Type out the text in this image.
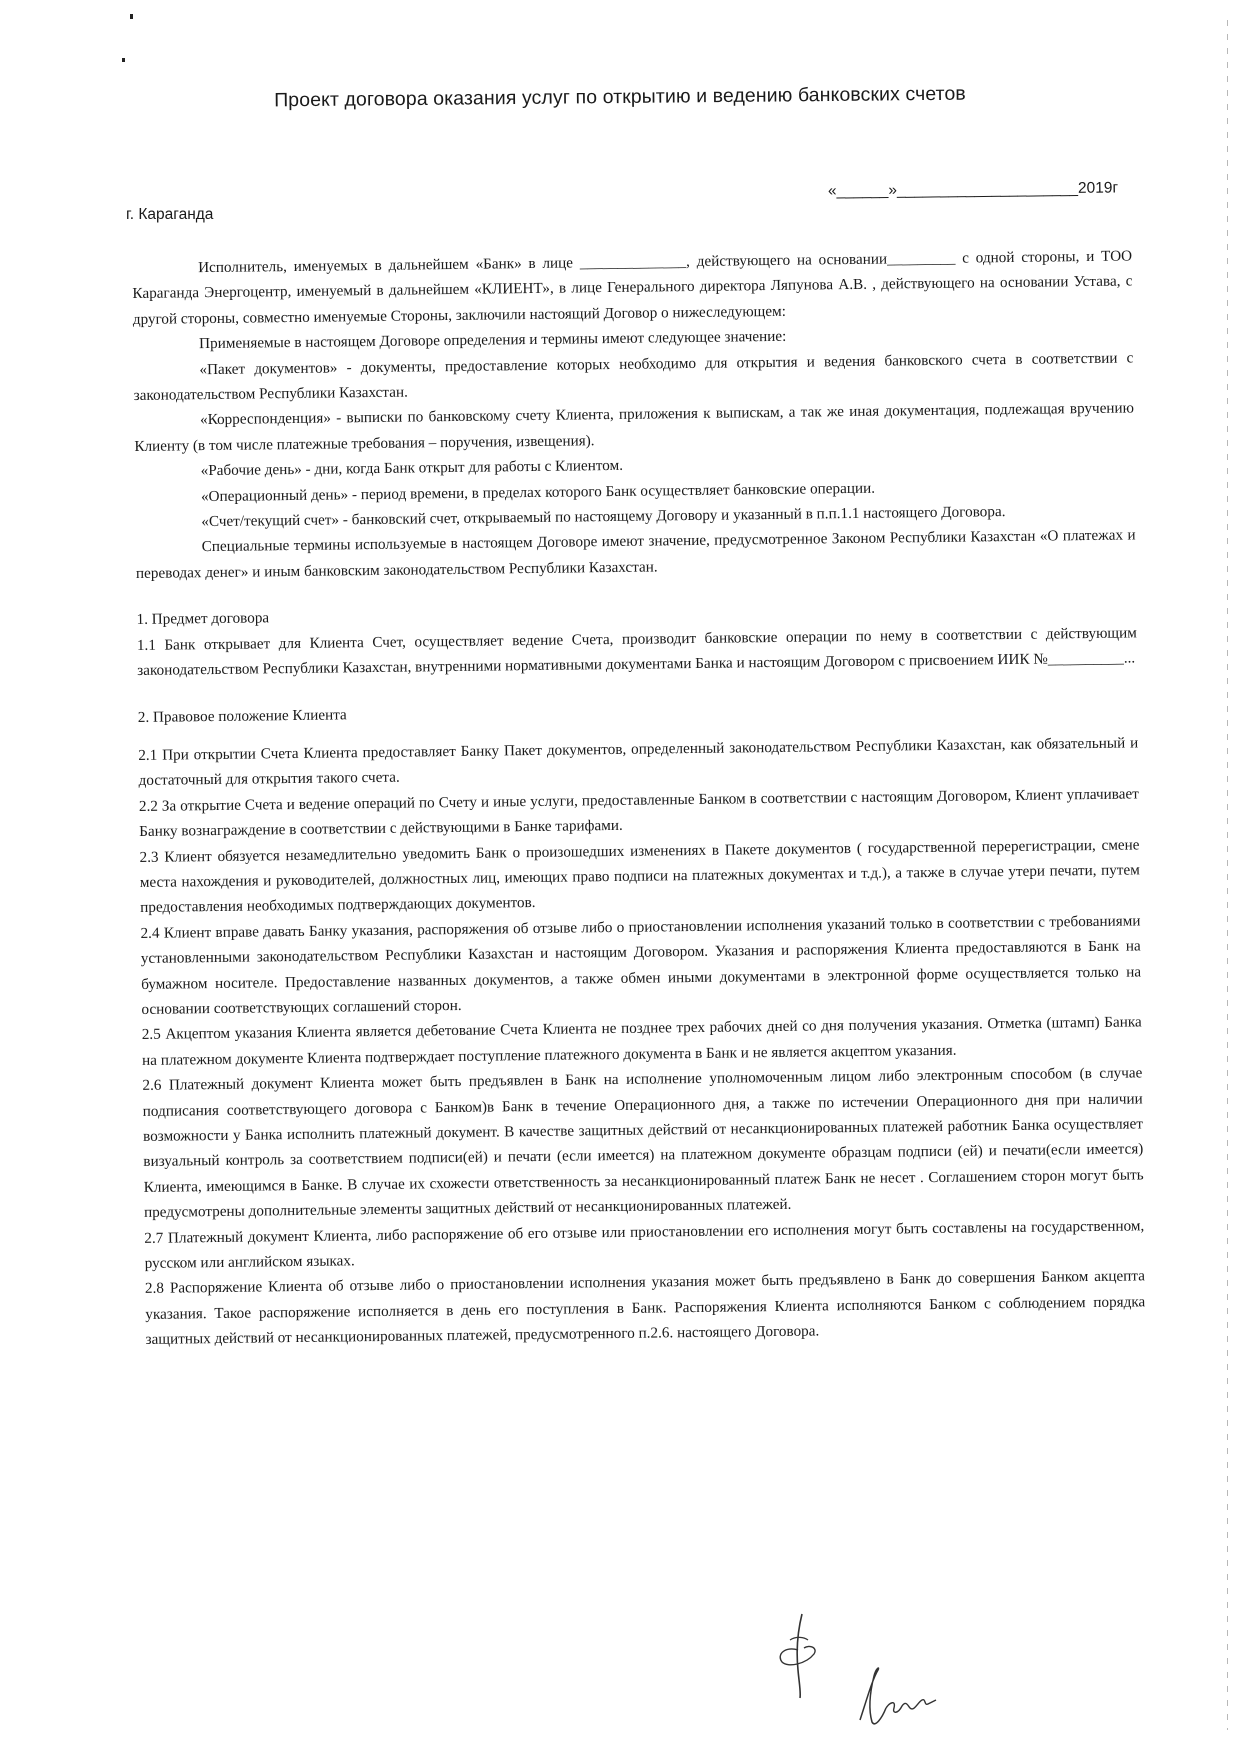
Проект договора оказания услуг по открытию и ведению банковских счетов
г. Караганда
«______»_____________________2019г

Исполнитель, именуемых в дальнейшем «Банк» в лице ______________, действующего на основании_________ с одной стороны, и ТОО Караганда Энергоцентр, именуемый в дальнейшем «КЛИЕНТ», в лице Генерального директора Ляпунова А.В. , действующего на основании Устава, с другой стороны, совместно именуемые Стороны, заключили настоящий Договор о нижеследующем:

Применяемые в настоящем Договоре определения и термины имеют следующее значение:

«Пакет документов» - документы, предоставление которых необходимо для открытия и ведения банковского счета в соответствии с законодательством Республики Казахстан.

«Корреспонденция» - выписки по банковскому счету Клиента, приложения к выпискам, а так же иная документация, подлежащая вручению Клиенту (в том числе платежные требования – поручения, извещения).

«Рабочие день» - дни, когда Банк открыт для работы с Клиентом.

«Операционный день» - период времени, в пределах которого Банк осуществляет банковские операции.

«Счет/текущий счет» - банковский счет, открываемый по настоящему Договору и указанный в п.п.1.1 настоящего Договора.

Специальные термины используемые в настоящем Договоре имеют значение, предусмотренное Законом Республики Казахстан «О платежах и переводах денег» и иным банковским законодательством Республики Казахстан.

1. Предмет договора

1.1 Банк открывает для Клиента Счет, осуществляет ведение Счета, производит банковские операции по нему в соответствии с действующим законодательством Республики Казахстан, внутренними нормативными документами Банка и настоящим Договором с присвоением ИИК №__________...

2. Правовое положение Клиента

2.1 При открытии Счета Клиента предоставляет Банку Пакет документов, определенный законодательством Республики Казахстан, как обязательный и достаточный для открытия такого счета.

2.2 За открытие Счета и ведение операций по Счету и иные услуги, предоставленные Банком в соответствии с настоящим Договором, Клиент уплачивает Банку вознаграждение в соответствии с действующими в Банке тарифами.

2.3 Клиент обязуется незамедлительно уведомить Банк о произошедших изменениях в Пакете документов ( государственной перерегистрации, смене места нахождения и руководителей, должностных лиц, имеющих право подписи на платежных документах и т.д.), а также в случае утери печати, путем предоставления необходимых подтверждающих документов.

2.4 Клиент вправе давать Банку указания, распоряжения об отзыве либо о приостановлении исполнения указаний только в соответствии с требованиями установленными законодательством Республики Казахстан и настоящим Договором. Указания и распоряжения Клиента предоставляются в Банк на бумажном носителе. Предоставление названных документов, а также обмен иными документами в электронной форме осуществляется только на основании соответствующих соглашений сторон.

2.5 Акцептом указания Клиента является дебетование Счета Клиента не позднее трех рабочих дней со дня получения указания. Отметка (штамп) Банка на платежном документе Клиента подтверждает поступление платежного документа в Банк и не является акцептом указания.

2.6 Платежный документ Клиента может быть предъявлен в Банк на исполнение уполномоченным лицом либо электронным способом (в случае подписания соответствующего договора с Банком)в Банк в течение Операционного дня, а также по истечении Операционного дня при наличии возможности у Банка исполнить платежный документ. В качестве защитных действий от несанкционированных платежей работник Банка осуществляет визуальный контроль за соответствием подписи(ей) и печати (если имеется) на платежном документе образцам подписи (ей) и печати(если имеется) Клиента, имеющимся в Банке. В случае их схожести ответственность за несанкционированный платеж Банк не несет . Соглашением сторон могут быть предусмотрены дополнительные элементы защитных действий от несанкционированных платежей.

2.7 Платежный документ Клиента, либо распоряжение об его отзыве или приостановлении его исполнения могут быть составлены на государственном, русском или английском языках.

2.8 Распоряжение Клиента об отзыве либо о приостановлении исполнения указания может быть предъявлено в Банк до совершения Банком акцепта указания. Такое распоряжение исполняется в день его поступления в Банк. Распоряжения Клиента исполняются Банком с соблюдением порядка защитных действий от несанкционированных платежей, предусмотренного п.2.6. настоящего Договора.
